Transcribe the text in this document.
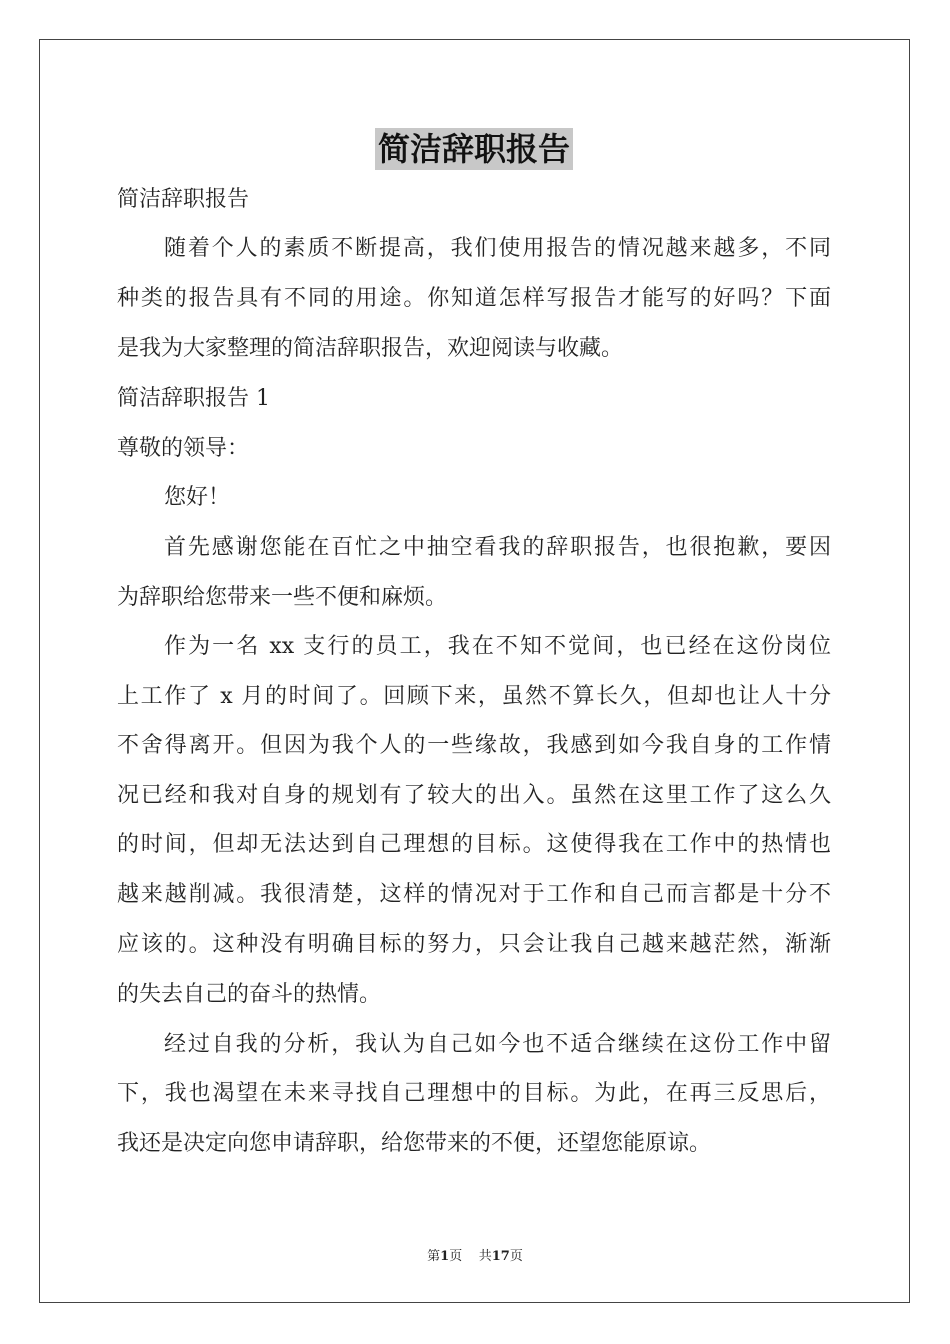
简洁辞职报告
简洁辞职报告
随着个人的素质不断提高，我们使用报告的情况越来越多，不同
种类的报告具有不同的用途。你知道怎样写报告才能写的好吗？下面
是我为大家整理的简洁辞职报告，欢迎阅读与收藏。
简洁辞职报告 1
尊敬的领导：
您好！
首先感谢您能在百忙之中抽空看我的辞职报告，也很抱歉，要因
为辞职给您带来一些不便和麻烦。
作为一名 xx 支行的员工，我在不知不觉间，也已经在这份岗位
上工作了 x 月的时间了。回顾下来，虽然不算长久，但却也让人十分
不舍得离开。但因为我个人的一些缘故，我感到如今我自身的工作情
况已经和我对自身的规划有了较大的出入。虽然在这里工作了这么久
的时间，但却无法达到自己理想的目标。这使得我在工作中的热情也
越来越削减。我很清楚，这样的情况对于工作和自己而言都是十分不
应该的。这种没有明确目标的努力，只会让我自己越来越茫然，渐渐
的失去自己的奋斗的热情。
经过自我的分析，我认为自己如今也不适合继续在这份工作中留
下，我也渴望在未来寻找自己理想中的目标。为此，在再三反思后，
我还是决定向您申请辞职，给您带来的不便，还望您能原谅。
第1页 共17页
